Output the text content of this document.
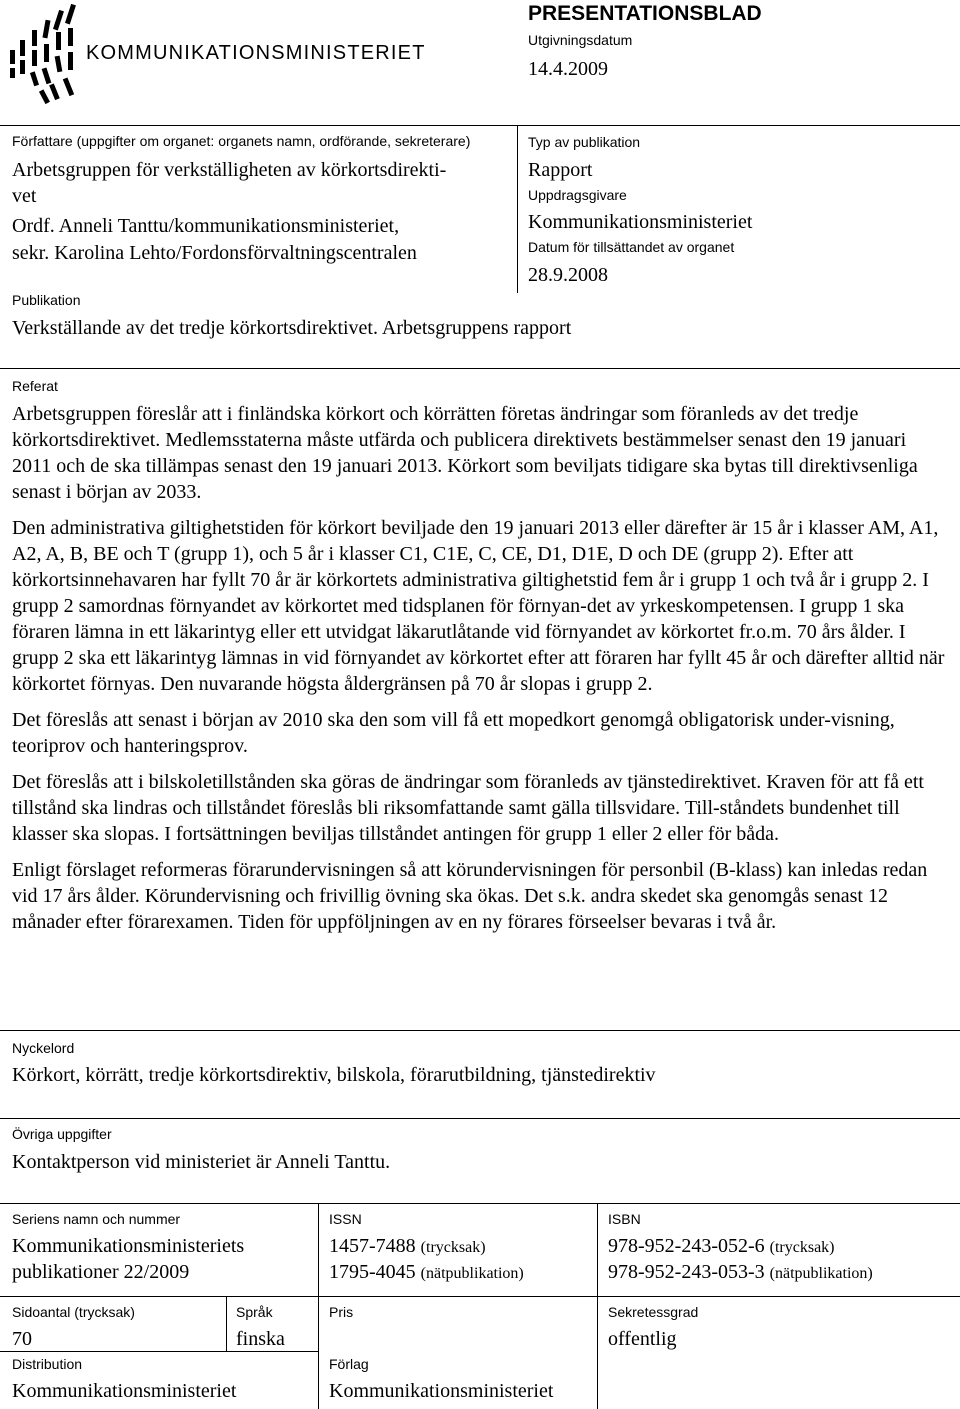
KOMMUNIKATIONSMINISTERIET
PRESENTATIONSBLAD
Utgivningsdatum
14.4.2009
Författare (uppgifter om organet: organets namn, ordförande, sekreterare)
Arbetsgruppen för verkställigheten av körkortsdirekti-
vet
Ordf. Anneli Tanttu/kommunikationsministeriet,
sekr. Karolina Lehto/Fordonsförvaltningscentralen
Typ av publikation
Rapport
Uppdragsgivare
Kommunikationsministeriet
Datum för tillsättandet av organet
28.9.2008
Publikation
Verkställande av det tredje körkortsdirektivet. Arbetsgruppens rapport
Referat

Arbetsgruppen föreslår att i finländska körkort och körrätten företas ändringar som föranleds av det tredje körkortsdirektivet. Medlemsstaterna måste utfärda och publicera direktivets bestämmelser senast den 19 januari 2011 och de ska tillämpas senast den 19 januari 2013. Körkort som beviljats tidigare ska bytas till direktivsenliga senast i början av 2033.

Den administrativa giltighetstiden för körkort beviljade den 19 januari 2013 eller därefter är 15 år i klasser AM, A1, A2, A, B, BE och T (grupp 1), och 5 år i klasser C1, C1E, C, CE, D1, D1E, D och DE (grupp 2). Efter att körkortsinnehavaren har fyllt 70 år är körkortets administrativa giltighetstid fem år i grupp 1 och två år i grupp 2. I grupp 2 samordnas förnyandet av körkortet med tidsplanen för förnyan-det av yrkeskompetensen. I grupp 1 ska föraren lämna in ett läkarintyg eller ett utvidgat läkarutlåtande vid förnyandet av körkortet fr.o.m. 70 års ålder. I grupp 2 ska ett läkarintyg lämnas in vid förnyandet av körkortet efter att föraren har fyllt 45 år och därefter alltid när körkortet förnyas. Den nuvarande högsta åldergränsen på 70 år slopas i grupp 2.

Det föreslås att senast i början av 2010 ska den som vill få ett mopedkort genomgå obligatorisk under-visning, teoriprov och hanteringsprov.

Det föreslås att i bilskoletillstånden ska göras de ändringar som föranleds av tjänstedirektivet. Kraven för att få ett tillstånd ska lindras och tillståndet föreslås bli riksomfattande samt gälla tillsvidare. Till-ståndets bundenhet till klasser ska slopas. I fortsättningen beviljas tillståndet antingen för grupp 1 eller 2 eller för båda.

Enligt förslaget reformeras förarundervisningen så att körundervisningen för personbil (B-klass) kan inledas redan vid 17 års ålder. Körundervisning och frivillig övning ska ökas. Det s.k. andra skedet ska genomgås senast 12 månader efter förarexamen. Tiden för uppföljningen av en ny förares förseelser bevaras i två år.

Nyckelord
Körkort, körrätt, tredje körkortsdirektiv, bilskola, förarutbildning, tjänstedirektiv
Övriga uppgifter
Kontaktperson vid ministeriet är Anneli Tanttu.
Seriens namn och nummer
Kommunikationsministeriets
publikationer 22/2009
ISSN
1457-7488 (trycksak)
1795-4045 (nätpublikation)
ISBN
978-952-243-052-6 (trycksak)
978-952-243-053-3 (nätpublikation)
Sidoantal (trycksak)
70
Språk
finska
Pris	Sekretessgrad
offentlig
Distribution
Kommunikationsministeriet
Förlag
Kommunikationsministeriet
